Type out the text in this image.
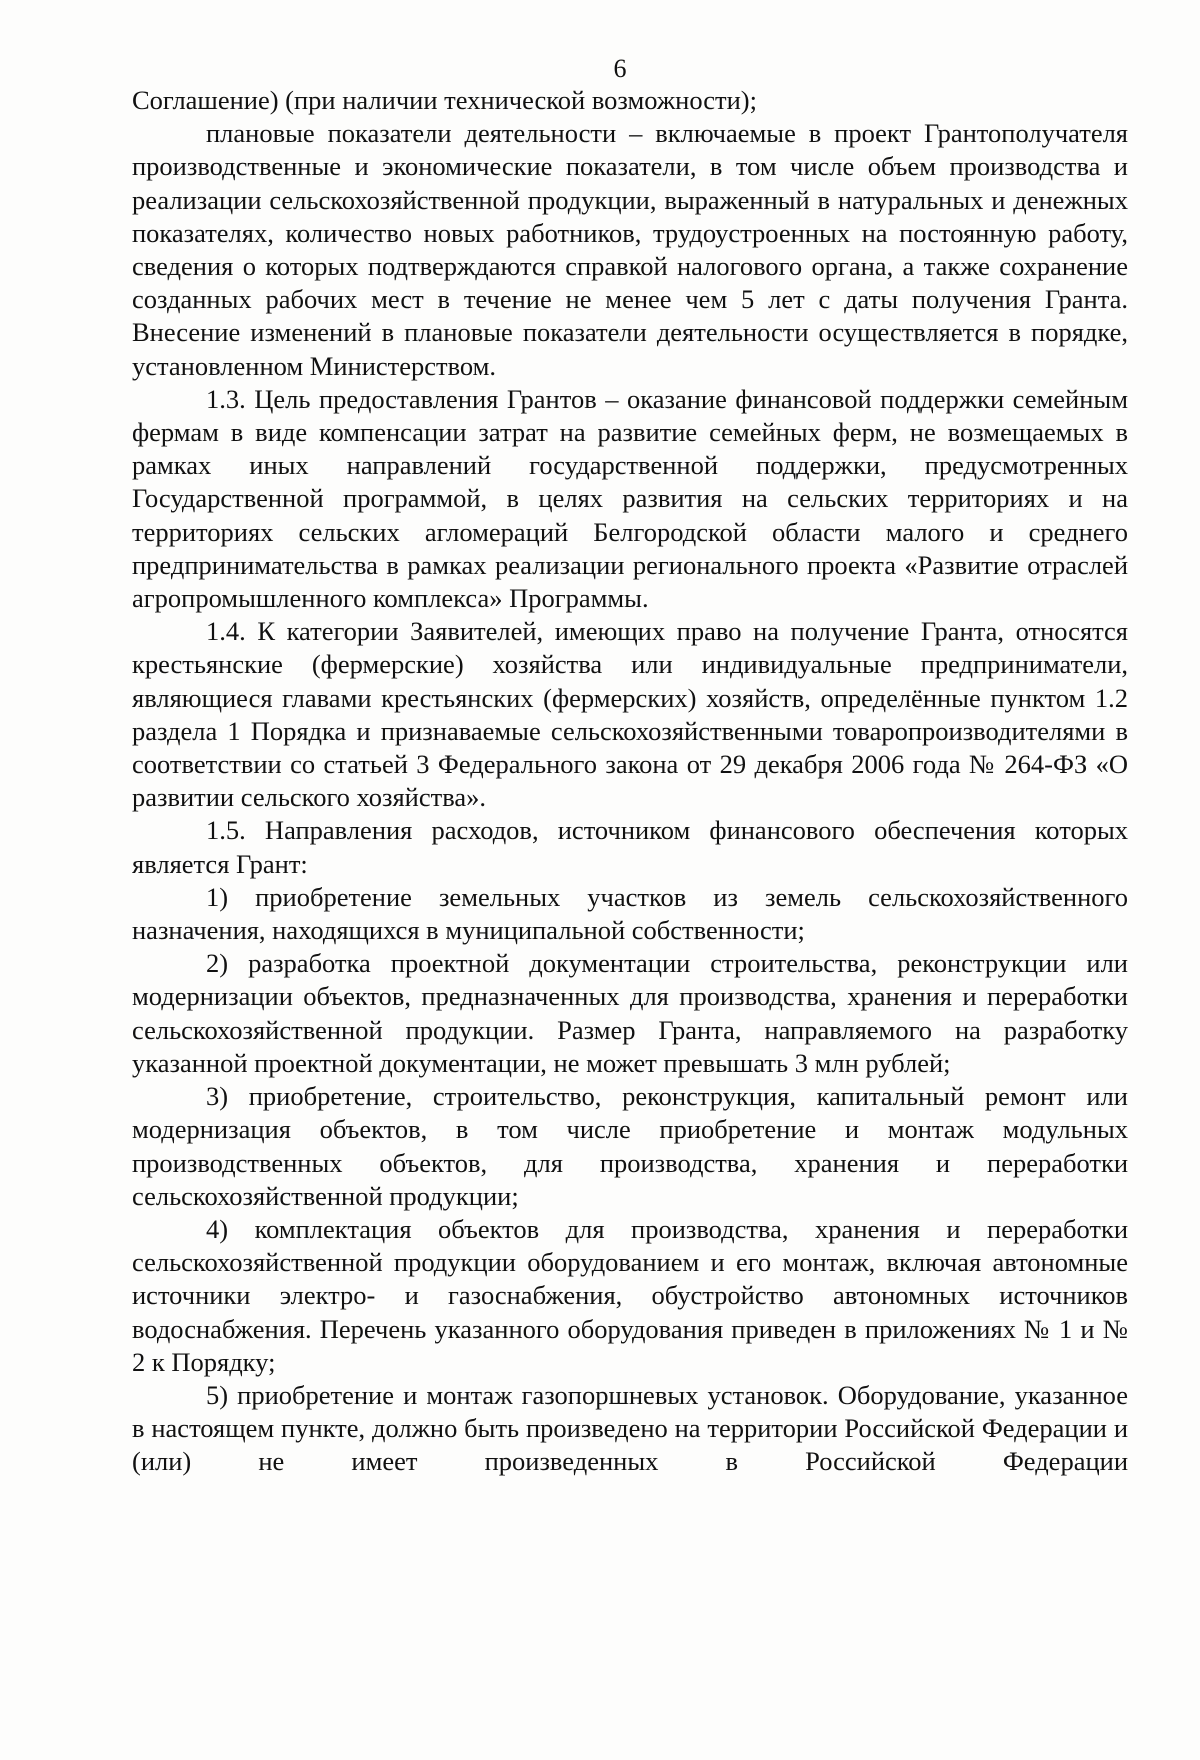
6

Соглашение) (при наличии технической возможности);

плановые показатели деятельности – включаемые в проект Грантополучателя производственные и экономические показатели, в том числе объем производства и реализации сельскохозяйственной продукции, выраженный в натуральных и денежных показателях, количество новых работников, трудоустроенных на постоянную работу, сведения о которых подтверждаются справкой налогового органа, а также сохранение созданных рабочих мест в течение не менее чем 5 лет с даты получения Гранта. Внесение изменений в плановые показатели деятельности осуществляется в порядке, установленном Министерством.

1.3. Цель предоставления Грантов – оказание финансовой поддержки семейным фермам в виде компенсации затрат на развитие семейных ферм, не возмещаемых в рамках иных направлений государственной поддержки, предусмотренных Государственной программой, в целях развития на сельских территориях и на территориях сельских агломераций Белгородской области малого и среднего предпринимательства в рамках реализации регионального проекта «Развитие отраслей агропромышленного комплекса» Программы.

1.4. К категории Заявителей, имеющих право на получение Гранта, относятся крестьянские (фермерские) хозяйства или индивидуальные предприниматели, являющиеся главами крестьянских (фермерских) хозяйств, определённые пунктом 1.2 раздела 1 Порядка и признаваемые сельскохозяйственными товаропроизводителями в соответствии со статьей 3 Федерального закона от 29 декабря 2006 года № 264-ФЗ «О развитии сельского хозяйства».

1.5. Направления расходов, источником финансового обеспечения которых является Грант:

1) приобретение земельных участков из земель сельскохозяйственного назначения, находящихся в муниципальной собственности;

2) разработка проектной документации строительства, реконструкции или модернизации объектов, предназначенных для производства, хранения и переработки сельскохозяйственной продукции. Размер Гранта, направляемого на разработку указанной проектной документации, не может превышать 3 млн рублей;

3) приобретение, строительство, реконструкция, капитальный ремонт или модернизация объектов, в том числе приобретение и монтаж модульных производственных объектов, для производства, хранения и переработки сельскохозяйственной продукции;

4) комплектация объектов для производства, хранения и переработки сельскохозяйственной продукции оборудованием и его монтаж, включая автономные источники электро- и газоснабжения, обустройство автономных источников водоснабжения. Перечень указанного оборудования приведен в приложениях № 1 и № 2 к Порядку;

5) приобретение и монтаж газопоршневых установок. Оборудование, указанное в настоящем пункте, должно быть произведено на территории Российской Федерации и (или) не имеет произведенных в Российской Федерации
